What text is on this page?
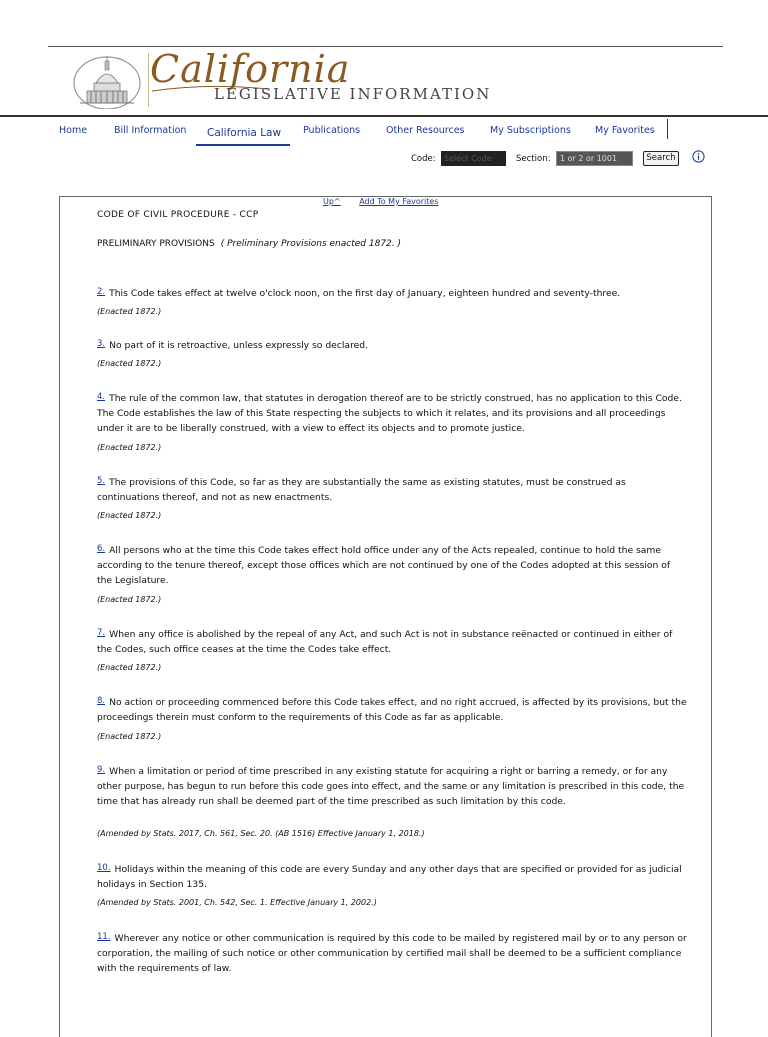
California
LEGISLATIVE INFORMATION
Home	Bill Information California Law Publications	Other Resources	My Subscriptions	My Favorites
Code:	Select Code	Section:	1 or 2 or 1001	Search
Up^ Add To My Favorites
CODE OF CIVIL PROCEDURE - CCP
PRELIMINARY PROVISIONS ( Preliminary Provisions enacted 1872. )
2. This Code takes effect at twelve o'clock noon, on the first day of January, eighteen hundred and seventy-three.
(Enacted 1872.)
3. No part of it is retroactive, unless expressly so declared.
(Enacted 1872.)
4. The rule of the common law, that statutes in derogation thereof are to be strictly construed, has no application to this Code. The Code establishes the law of this State respecting the subjects to which it relates, and its provisions and all proceedings under it are to be liberally construed, with a view to effect its objects and to promote justice.
(Enacted 1872.)
5. The provisions of this Code, so far as they are substantially the same as existing statutes, must be construed as continuations thereof, and not as new enactments.
(Enacted 1872.)
6. All persons who at the time this Code takes effect hold office under any of the Acts repealed, continue to hold the same according to the tenure thereof, except those offices which are not continued by one of the Codes adopted at this session of the Legislature.
(Enacted 1872.)
7. When any office is abolished by the repeal of any Act, and such Act is not in substance reënacted or continued in either of the Codes, such office ceases at the time the Codes take effect.
(Enacted 1872.)
8. No action or proceeding commenced before this Code takes effect, and no right accrued, is affected by its provisions, but the proceedings therein must conform to the requirements of this Code as far as applicable.
(Enacted 1872.)
9. When a limitation or period of time prescribed in any existing statute for acquiring a right or barring a remedy, or for any other purpose, has begun to run before this code goes into effect, and the same or any limitation is prescribed in this code, the time that has already run shall be deemed part of the time prescribed as such limitation by this code.
(Amended by Stats. 2017, Ch. 561, Sec. 20. (AB 1516) Effective January 1, 2018.)
10. Holidays within the meaning of this code are every Sunday and any other days that are specified or provided for as judicial holidays in Section 135.
(Amended by Stats. 2001, Ch. 542, Sec. 1. Effective January 1, 2002.)
11. Wherever any notice or other communication is required by this code to be mailed by registered mail by or to any person or corporation, the mailing of such notice or other communication by certified mail shall be deemed to be a sufficient compliance with the requirements of law.
